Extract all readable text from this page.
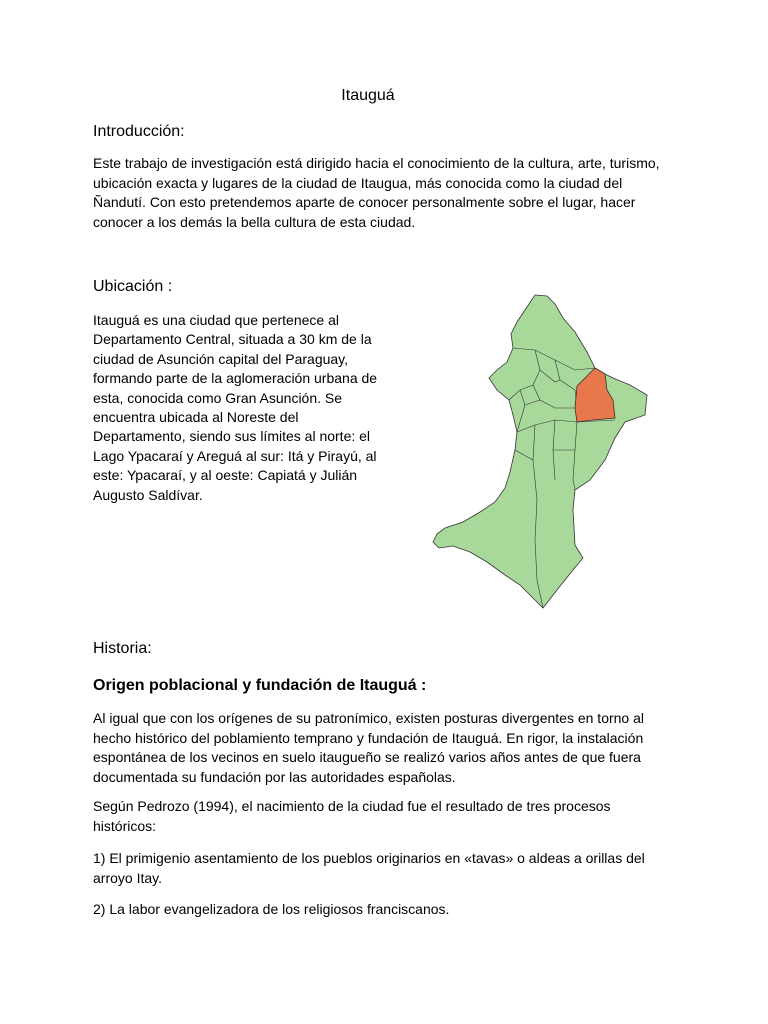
Itauguá
Introducción:

Este trabajo de investigación está dirigido hacia el conocimiento de la cultura, arte, turismo, ubicación exacta y lugares de la ciudad de Itaugua, más conocida como la ciudad del Ñandutí. Con esto pretendemos aparte de conocer personalmente sobre el lugar, hacer conocer a los demás la bella cultura de esta ciudad.

Ubicación :

Itauguá es una ciudad que pertenece al Departamento Central, situada a 30 km de la ciudad de Asunción capital del Paraguay, formando parte de la aglomeración urbana de esta, conocida como Gran Asunción. Se encuentra ubicada al Noreste del Departamento, siendo sus límites al norte: el Lago Ypacaraí y Areguá al sur: Itá y Pirayú, al este: Ypacaraí, y al oeste: Capiatá y Julián Augusto Saldívar.

Historia:
Origen poblacional y fundación de Itauguá :

Al igual que con los orígenes de su patronímico, existen posturas divergentes en torno al hecho histórico del poblamiento temprano y fundación de Itauguá. En rigor, la instalación espontánea de los vecinos en suelo itaugueño se realizó varios años antes de que fuera documentada su fundación por las autoridades españolas.

Según Pedrozo (1994), el nacimiento de la ciudad fue el resultado de tres procesos históricos:

1) El primigenio asentamiento de los pueblos originarios en «tavas» o aldeas a orillas del arroyo Itay.

2) La labor evangelizadora de los religiosos franciscanos.
